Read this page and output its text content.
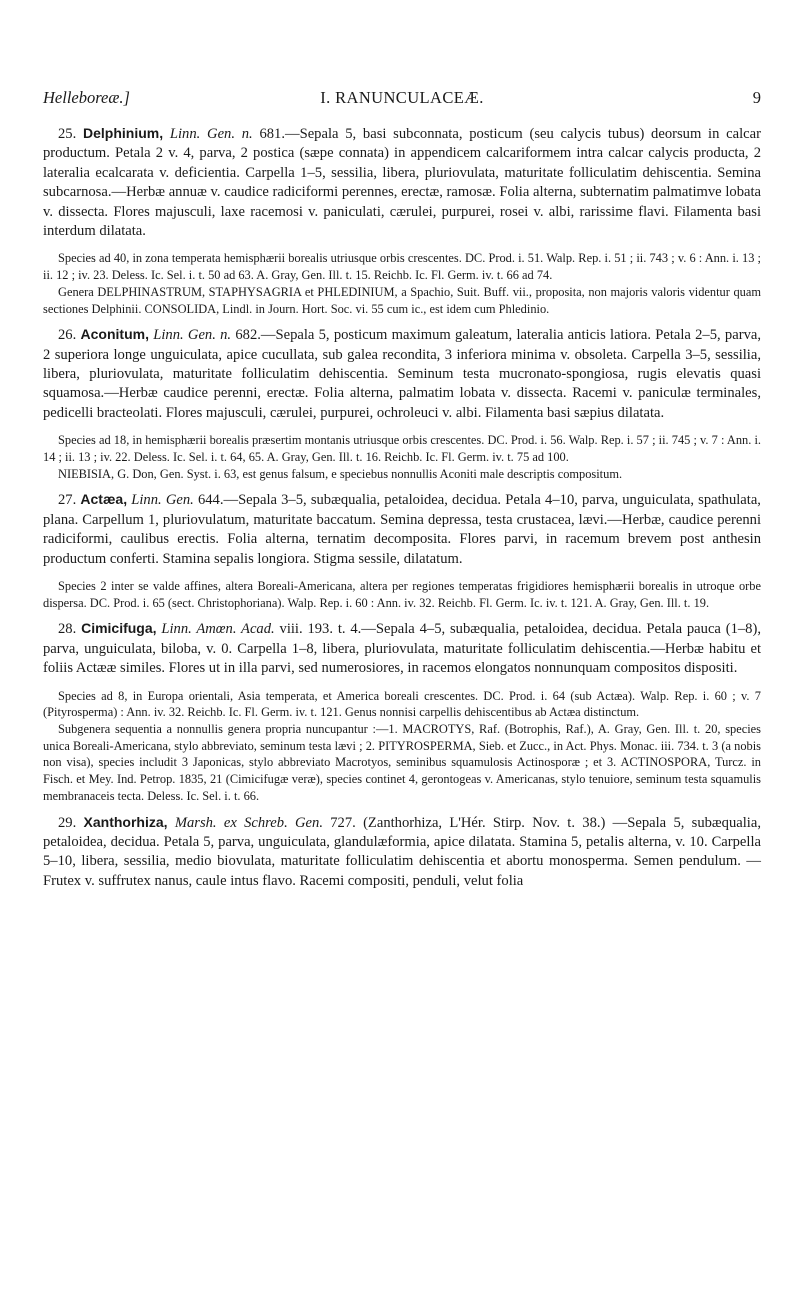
Helleboreæ.]	I. RANUNCULACEÆ.	9

25. Delphinium, Linn. Gen. n. 681.—Sepala 5, basi subconnata, posticum (seu calycis tubus) deorsum in calcar productum. Petala 2 v. 4, parva, 2 postica (sæpe connata) in appendicem calcariformem intra calcar calycis producta, 2 lateralia ecalcarata v. deficientia. Carpella 1–5, sessilia, libera, pluriovulata, maturitate folliculatim dehiscentia. Semina subcarnosa.—Herbæ annuæ v. caudice radiciformi perennes, erectæ, ramosæ. Folia alterna, subternatim palmatimve lobata v. dissecta. Flores majusculi, laxe racemosi v. paniculati, cærulei, purpurei, rosei v. albi, rarissime flavi. Filamenta basi interdum dilatata.

Species ad 40, in zona temperata hemisphærii borealis utriusque orbis crescentes. DC. Prod. i. 51. Walp. Rep. i. 51 ; ii. 743 ; v. 6 : Ann. i. 13 ; ii. 12 ; iv. 23. Deless. Ic. Sel. i. t. 50 ad 63. A. Gray, Gen. Ill. t. 15. Reichb. Ic. Fl. Germ. iv. t. 66 ad 74.

Genera DELPHINASTRUM, STAPHYSAGRIA et PHLEDINIUM, a Spachio, Suit. Buff. vii., proposita, non majoris valoris videntur quam sectiones Delphinii. CONSOLIDA, Lindl. in Journ. Hort. Soc. vi. 55 cum ic., est idem cum Phledinio.

26. Aconitum, Linn. Gen. n. 682.—Sepala 5, posticum maximum galeatum, lateralia anticis latiora. Petala 2–5, parva, 2 superiora longe unguiculata, apice cucullata, sub galea recondita, 3 inferiora minima v. obsoleta. Carpella 3–5, sessilia, libera, pluriovulata, maturitate folliculatim dehiscentia. Seminum testa mucronato-spongiosa, rugis elevatis quasi squamosa.—Herbæ caudice perenni, erectæ. Folia alterna, palmatim lobata v. dissecta. Racemi v. paniculæ terminales, pedicelli bracteolati. Flores majusculi, cærulei, purpurei, ochroleuci v. albi. Filamenta basi sæpius dilatata.

Species ad 18, in hemisphærii borealis præsertim montanis utriusque orbis crescentes. DC. Prod. i. 56. Walp. Rep. i. 57 ; ii. 745 ; v. 7 : Ann. i. 14 ; ii. 13 ; iv. 22. Deless. Ic. Sel. i. t. 64, 65. A. Gray, Gen. Ill. t. 16. Reichb. Ic. Fl. Germ. iv. t. 75 ad 100.

NIEBISIA, G. Don, Gen. Syst. i. 63, est genus falsum, e speciebus nonnullis Aconiti male descriptis compositum.

27. Actæa, Linn. Gen. 644.—Sepala 3–5, subæqualia, petaloidea, decidua. Petala 4–10, parva, unguiculata, spathulata, plana. Carpellum 1, pluriovulatum, maturitate baccatum. Semina depressa, testa crustacea, lævi.—Herbæ, caudice perenni radiciformi, caulibus erectis. Folia alterna, ternatim decomposita. Flores parvi, in racemum brevem post anthesin productum conferti. Stamina sepalis longiora. Stigma sessile, dilatatum.

Species 2 inter se valde affines, altera Boreali-Americana, altera per regiones temperatas frigidiores hemisphærii borealis in utroque orbe dispersa. DC. Prod. i. 65 (sect. Christophoriana). Walp. Rep. i. 60 : Ann. iv. 32. Reichb. Fl. Germ. Ic. iv. t. 121. A. Gray, Gen. Ill. t. 19.

28. Cimicifuga, Linn. Amœn. Acad. viii. 193. t. 4.—Sepala 4–5, subæqualia, petaloidea, decidua. Petala pauca (1–8), parva, unguiculata, biloba, v. 0. Carpella 1–8, libera, pluriovulata, maturitate folliculatim dehiscentia.—Herbæ habitu et foliis Actææ similes. Flores ut in illa parvi, sed numerosiores, in racemos elongatos nonnunquam compositos dispositi.

Species ad 8, in Europa orientali, Asia temperata, et America boreali crescentes. DC. Prod. i. 64 (sub Actæa). Walp. Rep. i. 60 ; v. 7 (Pityrosperma) : Ann. iv. 32. Reichb. Ic. Fl. Germ. iv. t. 121. Genus nonnisi carpellis dehiscentibus ab Actæa distinctum.

Subgenera sequentia a nonnullis genera propria nuncupantur :—1. MACROTYS, Raf. (Botrophis, Raf.), A. Gray, Gen. Ill. t. 20, species unica Boreali-Americana, stylo abbreviato, seminum testa lævi ; 2. PITYROSPERMA, Sieb. et Zucc., in Act. Phys. Monac. iii. 734. t. 3 (a nobis non visa), species includit 3 Japonicas, stylo abbreviato Macrotyos, seminibus squamulosis Actinosporæ ; et 3. ACTINOSPORA, Turcz. in Fisch. et Mey. Ind. Petrop. 1835, 21 (Cimicifugæ veræ), species continet 4, gerontogeas v. Americanas, stylo tenuiore, seminum testa squamulis membranaceis tecta. Deless. Ic. Sel. i. t. 66.

29. Xanthorhiza, Marsh. ex Schreb. Gen. 727. (Zanthorhiza, L'Hér. Stirp. Nov. t. 38.) —Sepala 5, subæqualia, petaloidea, decidua. Petala 5, parva, unguiculata, glandulæformia, apice dilatata. Stamina 5, petalis alterna, v. 10. Carpella 5–10, libera, sessilia, medio biovulata, maturitate folliculatim dehiscentia et abortu monosperma. Semen pendulum. —Frutex v. suffrutex nanus, caule intus flavo. Racemi compositi, penduli, velut folia
